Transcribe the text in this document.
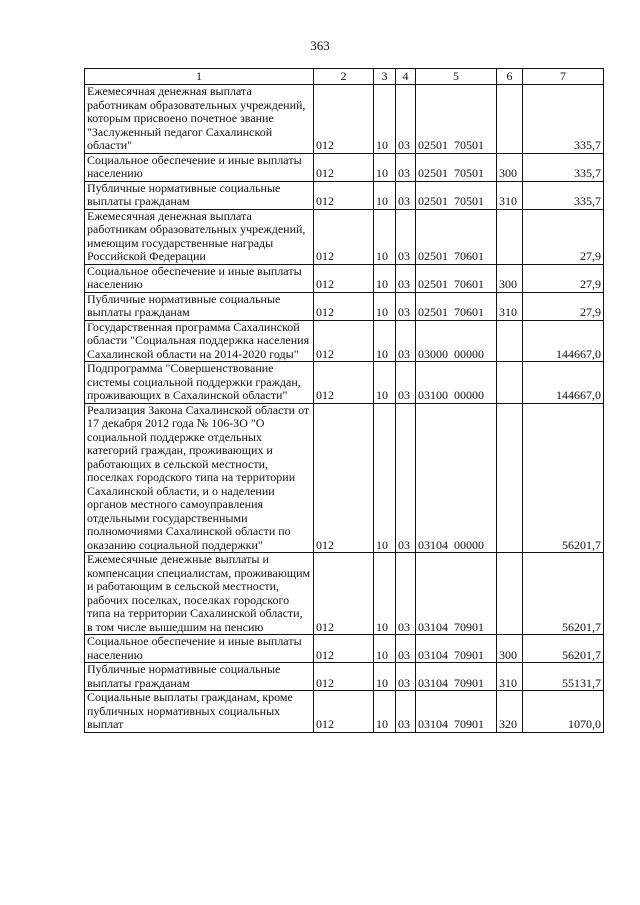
363
1	2	3	4	5	6	7
Ежемесячная денежная выплата работникам образовательных учреждений, которым присвоено почетное звание "Заслуженный педагог Сахалинской области"	012	10	03	02501  70501		335,7
Социальное обеспечение и иные выплаты населению	012	10	03	02501  70501	300	335,7
Публичные нормативные социальные выплаты гражданам	012	10	03	02501  70501	310	335,7
Ежемесячная денежная выплата работникам образовательных учреждений, имеющим государственные награды Российской Федерации	012	10	03	02501  70601		27,9
Социальное обеспечение и иные выплаты населению	012	10	03	02501  70601	300	27,9
Публичные нормативные социальные выплаты гражданам	012	10	03	02501  70601	310	27,9
Государственная программа Сахалинской области "Социальная поддержка населения Сахалинской области на 2014-2020 годы"	012	10	03	03000  00000		144667,0
Подпрограмма "Совершенствование системы социальной поддержки граждан, проживающих в Сахалинской области"	012	10	03	03100  00000		144667,0
Реализация Закона Сахалинской области от 17 декабря 2012 года № 106-ЗО "О социальной поддержке отдельных категорий граждан, проживающих и работающих в сельской местности, поселках городского типа на территории Сахалинской области, и о наделении органов местного самоуправления отдельными государственными полномочиями Сахалинской области по оказанию социальной поддержки"	012	10	03	03104  00000		56201,7
Ежемесячные денежные выплаты и компенсации специалистам, проживающим и работающим в сельской местности, рабочих поселках, поселках городского типа на территории Сахалинской области, в том числе вышедшим на пенсию	012	10	03	03104  70901		56201,7
Социальное обеспечение и иные выплаты населению	012	10	03	03104  70901	300	56201,7
Публичные нормативные социальные выплаты гражданам	012	10	03	03104  70901	310	55131,7
Социальные выплаты гражданам, кроме публичных нормативных социальных выплат	012	10	03	03104  70901	320	1070,0
